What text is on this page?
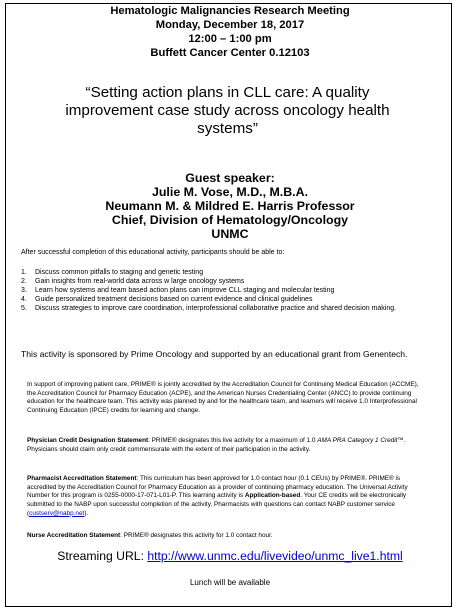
Hematologic Malignancies Research Meeting
Monday, December 18, 2017
12:00 – 1:00 pm
Buffett Cancer Center 0.12103
“Setting action plans in CLL care: A quality improvement case study across oncology health systems”
Guest speaker:
Julie M. Vose, M.D., M.B.A.
Neumann M. & Mildred E. Harris Professor
Chief, Division of Hematology/Oncology
UNMC
After successful completion of this educational activity, participants should be able to:
1. Discuss common pitfalls to staging and genetic testing
2. Gain insights from real-world data across w large oncology systems
3. Learn how systems and team based action plans can improve CLL staging and molecular testing
4. Guide personalized treatment decisions based on current evidence and clinical guidelines
5. Discuss strategies to improve care coordination, interprofessional collaborative practice and shared decision making.
This activity is sponsored by Prime Oncology and supported by an educational grant from Genentech.
In support of improving patient care, PRIME® is jointly accredited by the Accreditation Council for Continuing Medical Education (ACCME), the Accreditation Council for Pharmacy Education (ACPE), and the American Nurses Credentialing Center (ANCC) to provide continuing education for the healthcare team. This activity was planned by and for the healthcare team, and learners will receive 1.0 Interprofessional Continuing Education (IPCE) credits for learning and change.
Physician Credit Designation Statement: PRIME® designates this live activity for a maximum of 1.0 AMA PRA Category 1 Credit™. Physicians should claim only credit commensurate with the extent of their participation in the activity.
Pharmacist Accreditation Statement: This curriculum has been approved for 1.0 contact hour (0.1 CEUs) by PRIME®. PRIME® is accredited by the Accreditation Council for Pharmacy Education as a provider of continuing pharmacy education. The Universal Activity Number for this program is 0255-0000-17-071-L01-P. This learning activity is Application-based. Your CE credits will be electronically submitted to the NABP upon successful completion of the activity. Pharmacists with questions can contact NABP customer service (custserv@nabp.net).
Nurse Accreditation Statement: PRIME® designates this activity for 1.0 contact hour.
Streaming URL: http://www.unmc.edu/livevideo/unmc_live1.html
Lunch will be available
